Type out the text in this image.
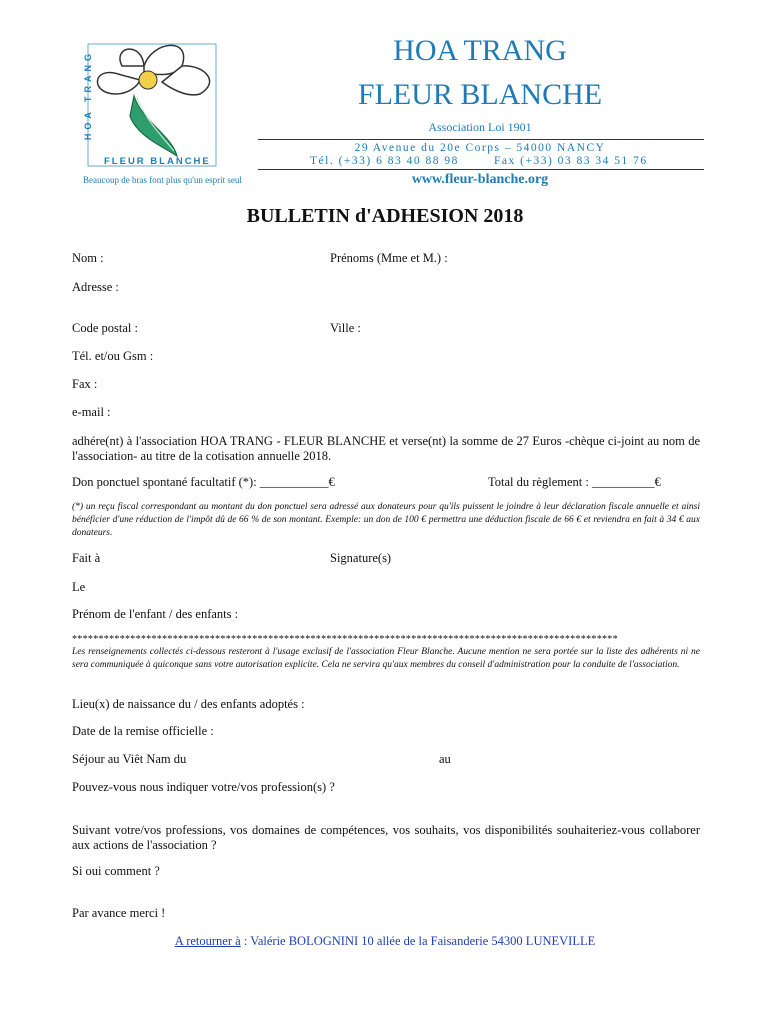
HOA TRANG
FLEUR BLANCHE
Beaucoup de bras font plus qu'un esprit seul
HOA TRANG
FLEUR BLANCHE
Association Loi 1901
29 Avenue du 20e Corps – 54000 NANCY
Tél. (+33) 6 83 40 88 98	Fax (+33) 03 83 34 51 76
www.fleur-blanche.org
BULLETIN d'ADHESION 2018
Nom :	Prénoms (Mme et M.) :
Adresse :
Code postal :	Ville :
Tél. et/ou Gsm :
Fax :
e-mail :
adhére(nt) à l'association HOA TRANG - FLEUR BLANCHE et verse(nt) la somme de 27 Euros -chèque ci-joint au nom de l'association- au titre de la cotisation annuelle 2018.
Don ponctuel spontané facultatif (*): ___________€	Total du règlement : __________€
(*) un reçu fiscal correspondant au montant du don ponctuel sera adressé aux donateurs pour qu'ils puissent le joindre à leur déclaration fiscale annuelle et ainsi bénéficier d'une réduction de l'impôt dû de 66 % de son montant. Exemple: un don de 100 € permettra une déduction fiscale de 66 € et reviendra en fait à 34 € aux donateurs.
Fait à	Signature(s)
Le
Prénom de l'enfant / des enfants :
*******************************************************************************************************
Les renseignements collectés ci-dessous resteront à l'usage exclusif de l'association Fleur Blanche. Aucune mention ne sera portée sur la liste des adhérents ni ne sera communiquée à quiconque sans votre autorisation explicite. Cela ne servira qu'aux membres du conseil d'administration pour la conduite de l'association.
Lieu(x) de naissance du / des enfants adoptés :
Date de la remise officielle :
Séjour au Viêt Nam du	au
Pouvez-vous nous indiquer votre/vos profession(s) ?
Suivant votre/vos professions, vos domaines de compétences, vos souhaits, vos disponibilités souhaiteriez-vous collaborer aux actions de l'association ?
Si oui comment ?
Par avance merci !
A retourner à : Valérie BOLOGNINI 10 allée de la Faisanderie 54300 LUNEVILLE
